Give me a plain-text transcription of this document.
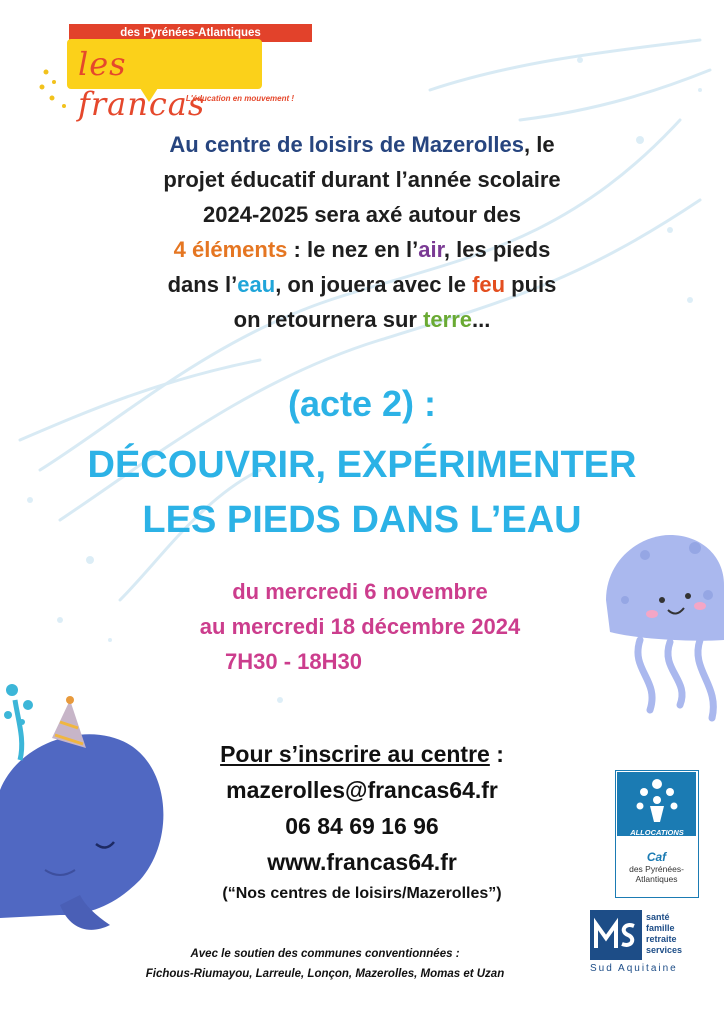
des Pyrénées-Atlantiques
les francas
L'éducation en mouvement !
Au centre de loisirs de Mazerolles, le
projet éducatif durant l’année scolaire
2024-2025 sera axé autour des
4 éléments : le nez en l’air, les pieds
dans l’eau, on jouera avec le feu puis
on retournera sur terre...
(acte 2) :
DÉCOUVRIR, EXPÉRIMENTER
LES PIEDS DANS L’EAU
du mercredi 6 novembre
au mercredi 18 décembre 2024
7H30 - 18H30
Pour s’inscrire au centre :
mazerolles@francas64.fr
06 84 69 16 96
www.francas64.fr
(“Nos centres de loisirs/Mazerolles”)
Avec le soutien des communes conventionnées :
Fichous-Riumayou, Larreule, Lonçon, Mazerolles, Momas et Uzan
ALLOCATIONS
FAMILIALES
Caf
des Pyrénées-
Atlantiques
santé
famille
retraite
services
Sud Aquitaine
